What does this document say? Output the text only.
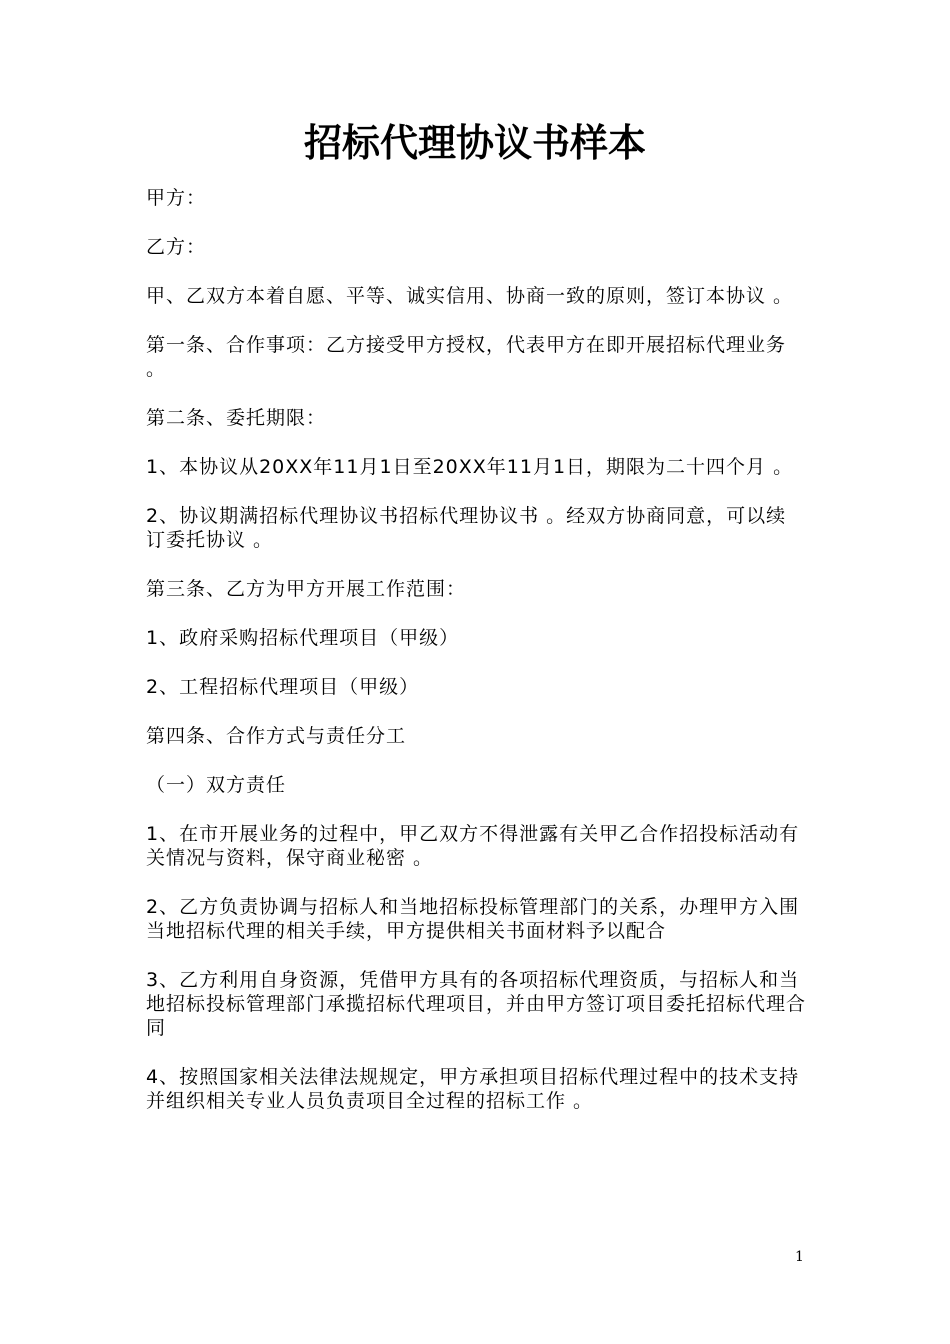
招标代理协议书样本

甲方：

乙方：

甲、乙双方本着自愿、平等、诚实信用、协商一致的原则，签订本协议 。

第一条、合作事项：乙方接受甲方授权，代表甲方在即开展招标代理业务 。

第二条、委托期限：

1、本协议从20XX年11月1日至20XX年11月1日，期限为二十四个月 。

2、协议期满招标代理协议书招标代理协议书 。经双方协商同意，可以续订委托协议 。

第三条、乙方为甲方开展工作范围：

1、政府采购招标代理项目（甲级）

2、工程招标代理项目（甲级）

第四条、合作方式与责任分工

（一）双方责任

1、在市开展业务的过程中，甲乙双方不得泄露有关甲乙合作招投标活动有关情况与资料，保守商业秘密 。

2、乙方负责协调与招标人和当地招标投标管理部门的关系，办理甲方入围当地招标代理的相关手续，甲方提供相关书面材料予以配合

3、乙方利用自身资源，凭借甲方具有的各项招标代理资质，与招标人和当地招标投标管理部门承揽招标代理项目，并由甲方签订项目委托招标代理合同

4、按照国家相关法律法规规定，甲方承担项目招标代理过程中的技术支持并组织相关专业人员负责项目全过程的招标工作 。

1
